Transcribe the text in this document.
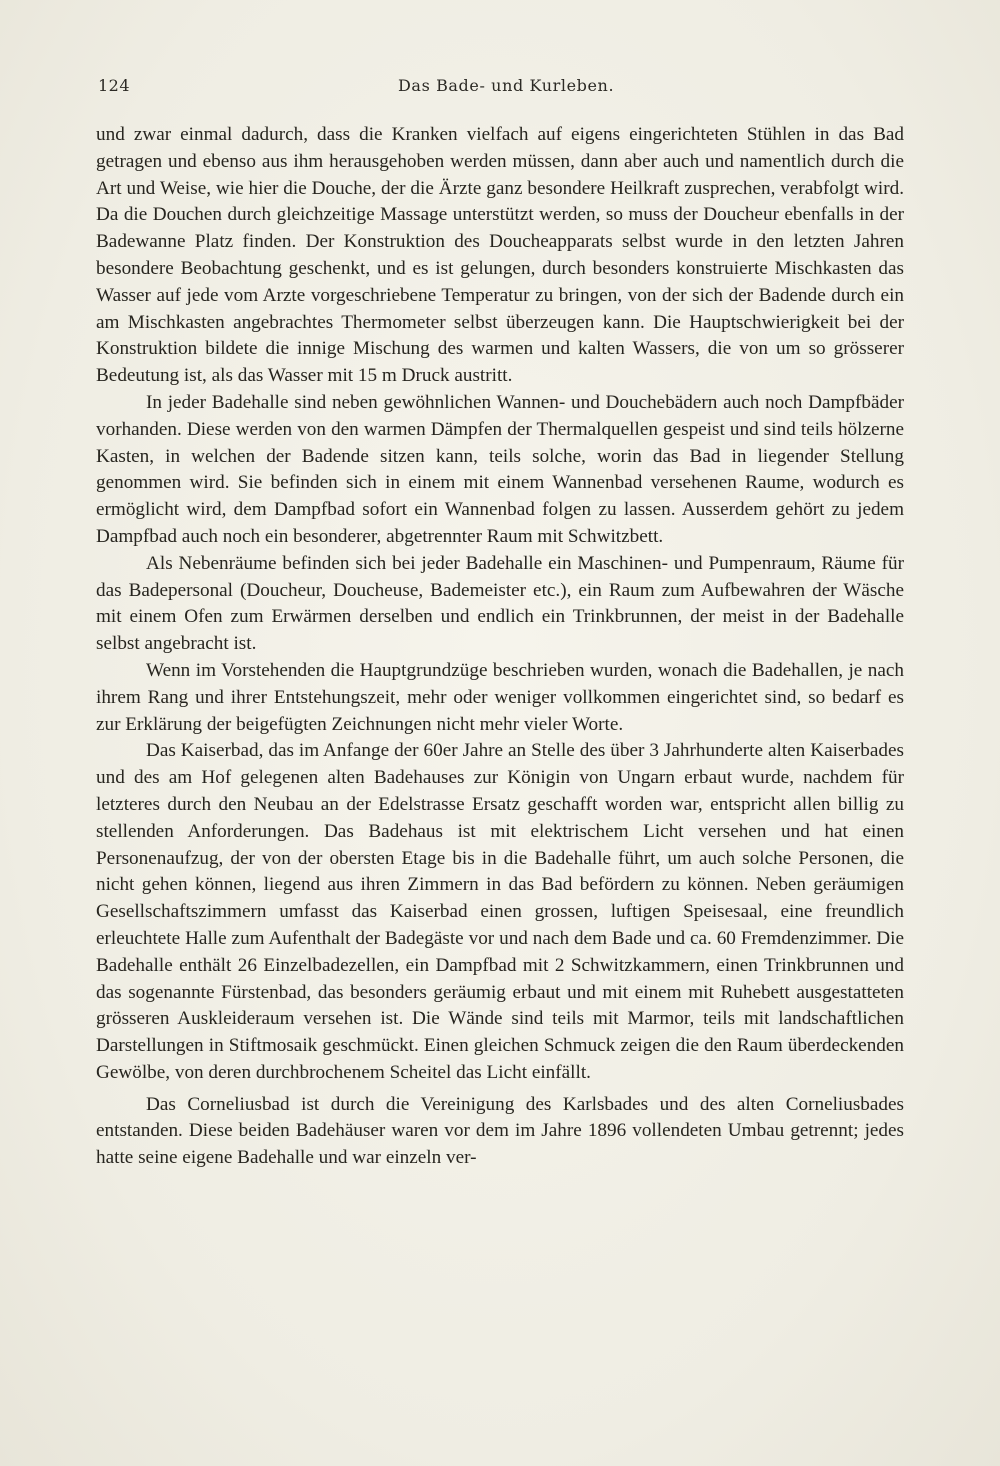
124	Das Bade- und Kurleben.

und zwar einmal dadurch, dass die Kranken vielfach auf eigens eingerichteten Stühlen in das Bad getragen und ebenso aus ihm herausgehoben werden müssen, dann aber auch und namentlich durch die Art und Weise, wie hier die Douche, der die Ärzte ganz besondere Heilkraft zusprechen, verabfolgt wird. Da die Douchen durch gleichzeitige Massage unterstützt werden, so muss der Doucheur ebenfalls in der Badewanne Platz finden. Der Konstruktion des Doucheapparats selbst wurde in den letzten Jahren besondere Beobachtung geschenkt, und es ist gelungen, durch besonders konstruierte Mischkasten das Wasser auf jede vom Arzte vorgeschriebene Temperatur zu bringen, von der sich der Badende durch ein am Mischkasten angebrachtes Thermometer selbst überzeugen kann. Die Hauptschwierigkeit bei der Konstruktion bildete die innige Mischung des warmen und kalten Wassers, die von um so grösserer Bedeutung ist, als das Wasser mit 15 m Druck austritt.

In jeder Badehalle sind neben gewöhnlichen Wannen- und Douchebädern auch noch Dampfbäder vorhanden. Diese werden von den warmen Dämpfen der Thermalquellen gespeist und sind teils hölzerne Kasten, in welchen der Badende sitzen kann, teils solche, worin das Bad in liegender Stellung genommen wird. Sie befinden sich in einem mit einem Wannenbad versehenen Raume, wodurch es ermöglicht wird, dem Dampfbad sofort ein Wannenbad folgen zu lassen. Ausserdem gehört zu jedem Dampfbad auch noch ein besonderer, abgetrennter Raum mit Schwitzbett.

Als Nebenräume befinden sich bei jeder Badehalle ein Maschinen- und Pumpenraum, Räume für das Badepersonal (Doucheur, Doucheuse, Bademeister etc.), ein Raum zum Aufbewahren der Wäsche mit einem Ofen zum Erwärmen derselben und endlich ein Trinkbrunnen, der meist in der Badehalle selbst angebracht ist.

Wenn im Vorstehenden die Hauptgrundzüge beschrieben wurden, wonach die Badehallen, je nach ihrem Rang und ihrer Entstehungszeit, mehr oder weniger vollkommen eingerichtet sind, so bedarf es zur Erklärung der beigefügten Zeichnungen nicht mehr vieler Worte.

Das Kaiserbad, das im Anfange der 60er Jahre an Stelle des über 3 Jahrhunderte alten Kaiserbades und des am Hof gelegenen alten Badehauses zur Königin von Ungarn erbaut wurde, nachdem für letzteres durch den Neubau an der Edelstrasse Ersatz geschafft worden war, entspricht allen billig zu stellenden Anforderungen. Das Badehaus ist mit elektrischem Licht versehen und hat einen Personenaufzug, der von der obersten Etage bis in die Badehalle führt, um auch solche Personen, die nicht gehen können, liegend aus ihren Zimmern in das Bad befördern zu können. Neben geräumigen Gesellschaftszimmern umfasst das Kaiserbad einen grossen, luftigen Speisesaal, eine freundlich erleuchtete Halle zum Aufenthalt der Badegäste vor und nach dem Bade und ca. 60 Fremdenzimmer. Die Badehalle enthält 26 Einzelbadezellen, ein Dampfbad mit 2 Schwitzkammern, einen Trinkbrunnen und das sogenannte Fürstenbad, das besonders geräumig erbaut und mit einem mit Ruhebett ausgestatteten grösseren Auskleideraum versehen ist. Die Wände sind teils mit Marmor, teils mit landschaftlichen Darstellungen in Stiftmosaik geschmückt. Einen gleichen Schmuck zeigen die den Raum überdeckenden Gewölbe, von deren durchbrochenem Scheitel das Licht einfällt.

Das Corneliusbad ist durch die Vereinigung des Karlsbades und des alten Corneliusbades entstanden. Diese beiden Badehäuser waren vor dem im Jahre 1896 vollendeten Umbau getrennt; jedes hatte seine eigene Badehalle und war einzeln ver-
